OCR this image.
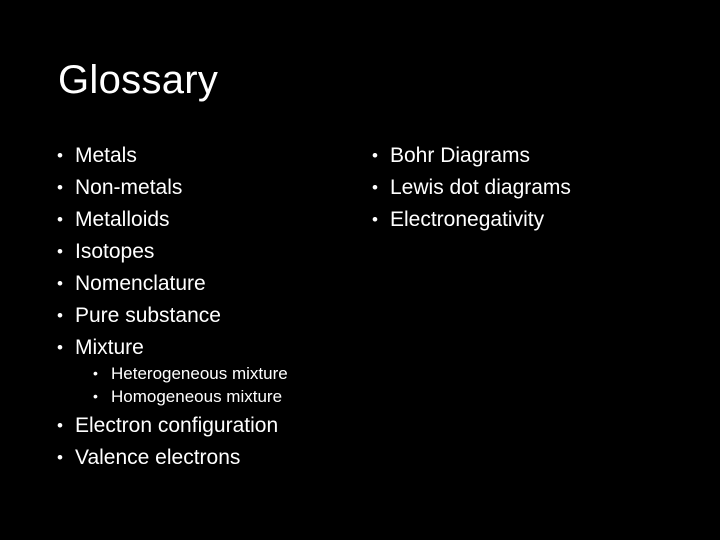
Glossary
• Metals
• Non-metals
• Metalloids
• Isotopes
• Nomenclature
• Pure substance
• Mixture
• Heterogeneous mixture
• Homogeneous mixture
• Electron configuration
• Valence electrons
• Bohr Diagrams
• Lewis dot diagrams
• Electronegativity
